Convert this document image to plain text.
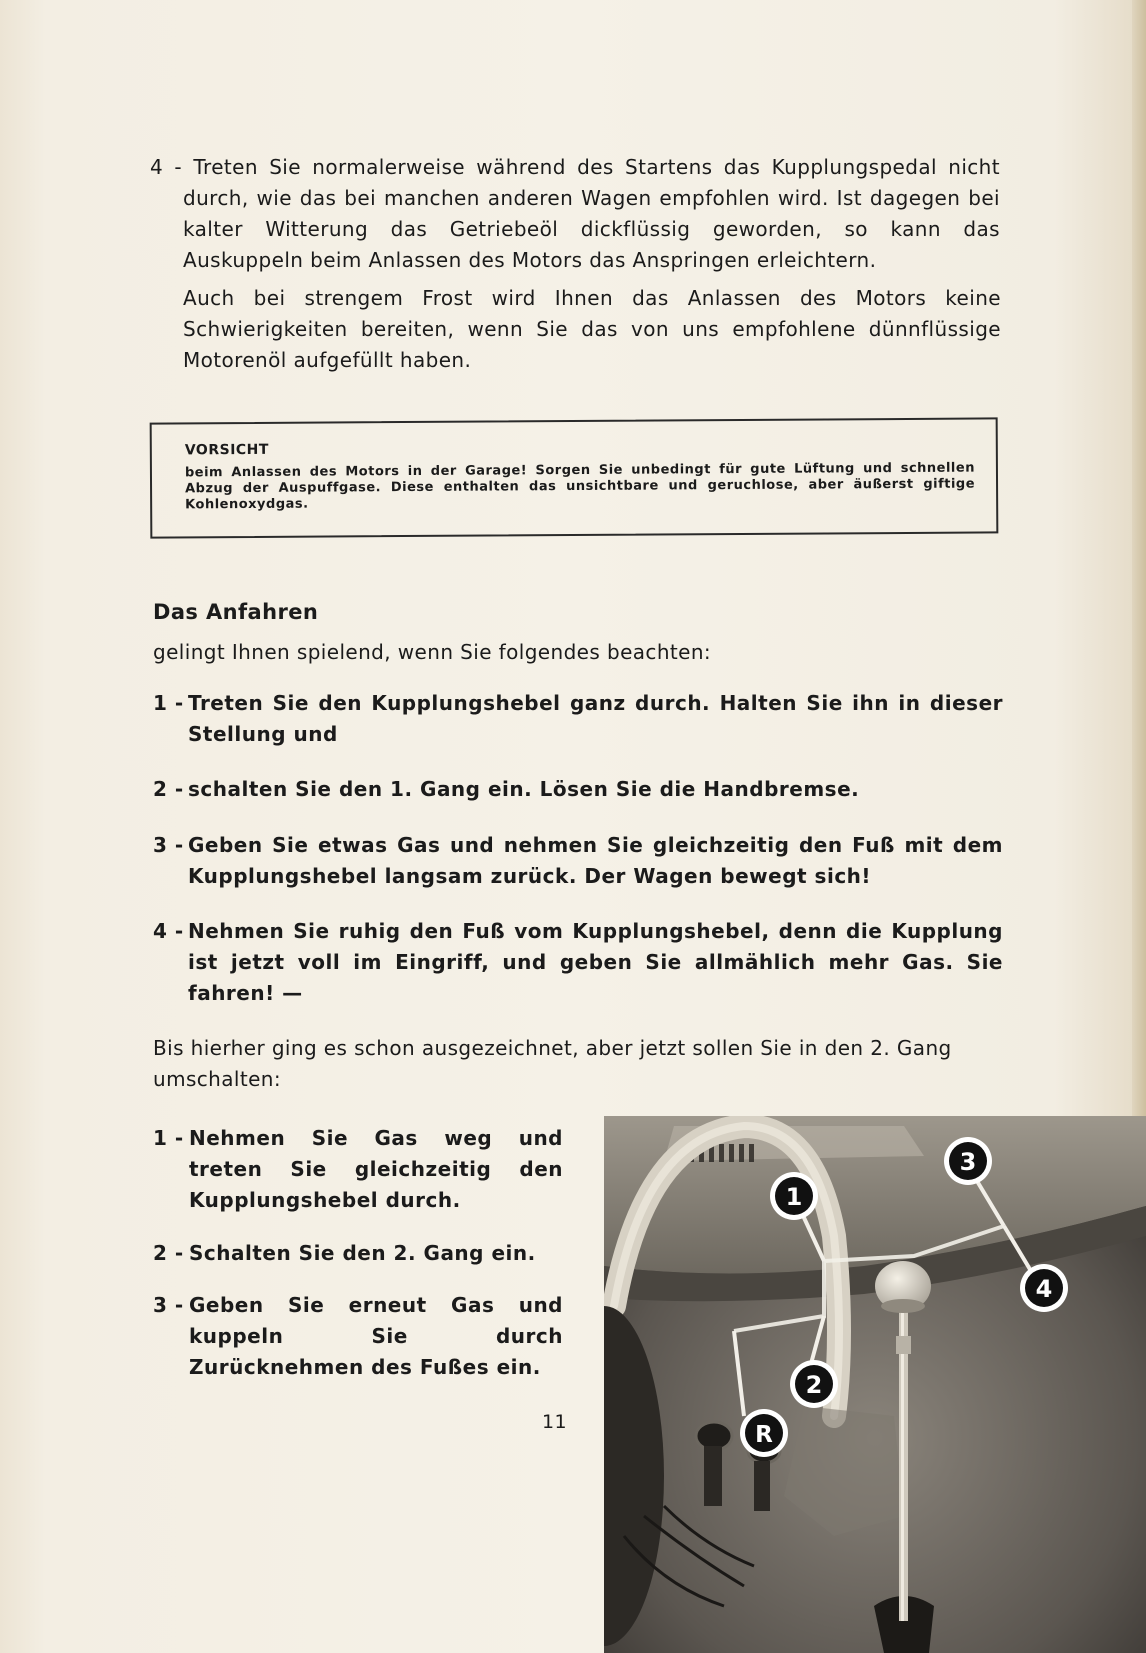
4 - Treten Sie normalerweise während des Startens das Kupplungspedal nicht durch, wie das bei manchen anderen Wagen empfohlen wird. Ist dagegen bei kalter Witterung das Getriebeöl dickflüssig geworden, so kann das Auskuppeln beim Anlassen des Motors das Anspringen erleichtern.

Auch bei strengem Frost wird Ihnen das Anlassen des Motors keine Schwierigkeiten bereiten, wenn Sie das von uns empfohlene dünnflüssige Motorenöl aufgefüllt haben.

VORSICHT
beim Anlassen des Motors in der Garage! Sorgen Sie unbedingt für gute Lüftung und schnellen Abzug der Auspuffgase. Diese enthalten das unsichtbare und geruchlose, aber äußerst giftige Kohlenoxydgas.
Das Anfahren
gelingt Ihnen spielend, wenn Sie folgendes beachten:
1 - Treten Sie den Kupplungshebel ganz durch. Halten Sie ihn in dieser Stellung und
2 - schalten Sie den 1. Gang ein. Lösen Sie die Handbremse.
3 - Geben Sie etwas Gas und nehmen Sie gleichzeitig den Fuß mit dem Kupplungshebel langsam zurück. Der Wagen bewegt sich!
4 - Nehmen Sie ruhig den Fuß vom Kupplungshebel, denn die Kupplung ist jetzt voll im Eingriff, und geben Sie allmählich mehr Gas. Sie fahren! —
Bis hierher ging es schon ausgezeichnet, aber jetzt sollen Sie in den 2. Gang umschalten:
1 - Nehmen Sie Gas weg und treten Sie gleichzeitig den Kupplungshebel durch.
2 - Schalten Sie den 2. Gang ein.
3 - Geben Sie erneut Gas und kuppeln Sie durch Zurücknehmen des Fußes ein.
11
1
2
3
4
R
